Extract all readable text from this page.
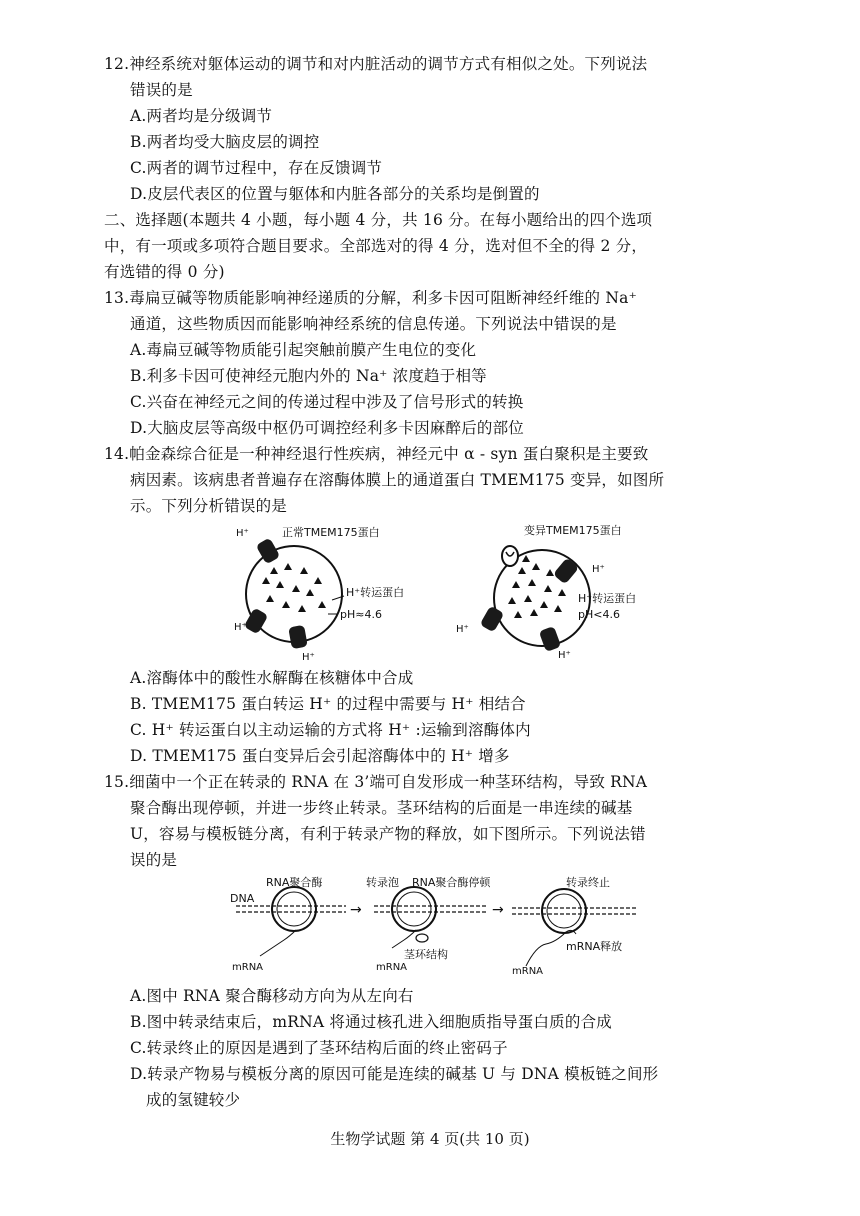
12.神经系统对躯体运动的调节和对内脏活动的调节方式有相似之处。下列说法
错误的是
A.两者均是分级调节
B.两者均受大脑皮层的调控
C.两者的调节过程中，存在反馈调节
D.皮层代表区的位置与躯体和内脏各部分的关系均是倒置的
二、选择题(本题共 4 小题，每小题 4 分，共 16 分。在每小题给出的四个选项
中，有一项或多项符合题目要求。全部选对的得 4 分，选对但不全的得 2 分，
有选错的得 0 分)
13.毒扁豆碱等物质能影响神经递质的分解，利多卡因可阻断神经纤维的 Na⁺
通道，这些物质因而能影响神经系统的信息传递。下列说法中错误的是
A.毒扁豆碱等物质能引起突触前膜产生电位的变化
B.利多卡因可使神经元胞内外的 Na⁺ 浓度趋于相等
C.兴奋在神经元之间的传递过程中涉及了信号形式的转换
D.大脑皮层等高级中枢仍可调控经利多卡因麻醉后的部位
14.帕金森综合征是一种神经退行性疾病，神经元中 α - syn 蛋白聚积是主要致
病因素。该病患者普遍存在溶酶体膜上的通道蛋白 TMEM175 变异，如图所
示。下列分析错误的是
正常TMEM175蛋白
H⁺
H⁺
H⁺
H⁺转运蛋白
pH≈4.6
变异TMEM175蛋白
H⁺
H⁺
H⁺
H⁺转运蛋白
pH<4.6
A.溶酶体中的酸性水解酶在核糖体中合成
B. TMEM175 蛋白转运 H⁺ 的过程中需要与 H⁺ 相结合
C. H⁺ 转运蛋白以主动运输的方式将 H⁺ :运输到溶酶体内
D. TMEM175 蛋白变异后会引起溶酶体中的 H⁺ 增多
15.细菌中一个正在转录的 RNA 在 3’端可自发形成一种茎环结构，导致 RNA
聚合酶出现停顿，并进一步终止转录。茎环结构的后面是一串连续的碱基
U，容易与模板链分离，有利于转录产物的释放，如下图所示。下列说法错
误的是
RNA聚合酶
DNA
mRNA
→
转录泡 RNA聚合酶停顿
mRNA
茎环结构
→
转录终止
mRNA释放
mRNA
A.图中 RNA 聚合酶移动方向为从左向右
B.图中转录结束后，mRNA 将通过核孔进入细胞质指导蛋白质的合成
C.转录终止的原因是遇到了茎环结构后面的终止密码子
D.转录产物易与模板分离的原因可能是连续的碱基 U 与 DNA 模板链之间形
成的氢键较少
生物学试题 第 4 页(共 10 页)
